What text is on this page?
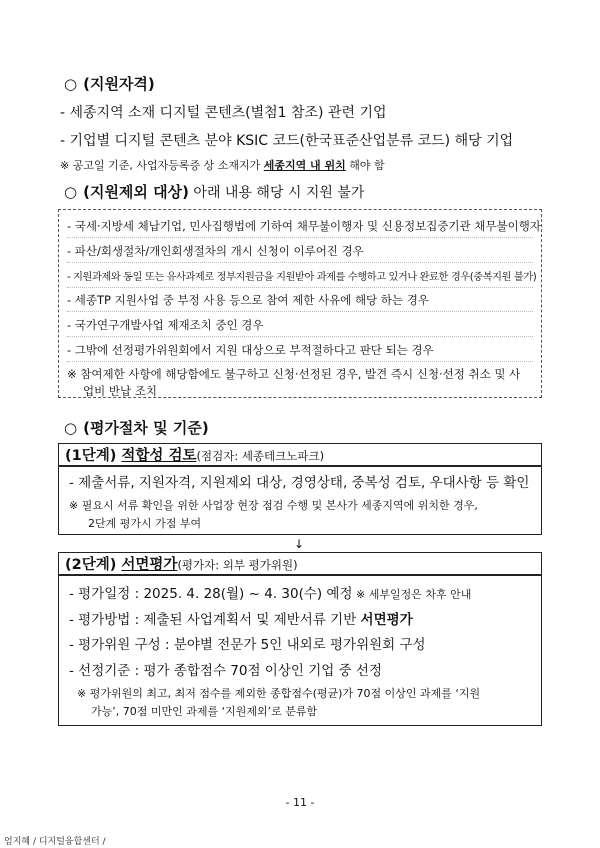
○ (지원자격)
- 세종지역 소재 디지털 콘텐츠(별첨1 참조) 관련 기업
- 기업별 디지털 콘텐츠 분야 KSIC 코드(한국표준산업분류 코드) 해당 기업
※ 공고일 기준, 사업자등록증 상 소재지가 세종지역 내 위치 해야 함
○ (지원제외 대상) 아래 내용 해당 시 지원 불가
- 국세·지방세 체납기업, 민사집행법에 기하여 채무불이행자 및 신용정보집중기관 채무불이행자
- 파산/회생절차/개인회생절차의 개시 신청이 이루어진 경우
- 지원과제와 동일 또는 유사과제로 정부지원금을 지원받아 과제를 수행하고 있거나 완료한 경우(중복지원 불가)
- 세종TP 지원사업 중 부정 사용 등으로 참여 제한 사유에 해당 하는 경우
- 국가연구개발사업 제재조치 중인 경우
- 그밖에 선정평가위원회에서 지원 대상으로 부적절하다고 판단 되는 경우
※ 참여제한 사항에 해당함에도 불구하고 신청·선정된 경우, 발견 즉시 신청·선정 취소 및 사
업비 반납 조치
○ (평가절차 및 기준)
(1단계) 적합성 검토(점검자: 세종테크노파크)
- 제출서류, 지원자격, 지원제외 대상, 경영상태, 중복성 검토, 우대사항 등 확인
※ 필요시 서류 확인을 위한 사업장 현장 점검 수행 및 본사가 세종지역에 위치한 경우,
2단계 평가시 가점 부여
↓
(2단계) 서면평가(평가자: 외부 평가위원)
- 평가일정 : 2025. 4. 28(월) ~ 4. 30(수) 예정 ※ 세부일정은 차후 안내
- 평가방법 : 제출된 사업계획서 및 제반서류 기반 서면평가
- 평가위원 구성 : 분야별 전문가 5인 내외로 평가위원회 구성
- 선정기준 : 평가 종합점수 70점 이상인 기업 중 선정
※ 평가위원의 최고, 최저 점수를 제외한 종합점수(평균)가 70점 이상인 과제를 ‘지원
가능’, 70점 미만인 과제를 ‘지원제외’로 분류함
- 11 -
엄지혜 / 디지털융합센터 /
